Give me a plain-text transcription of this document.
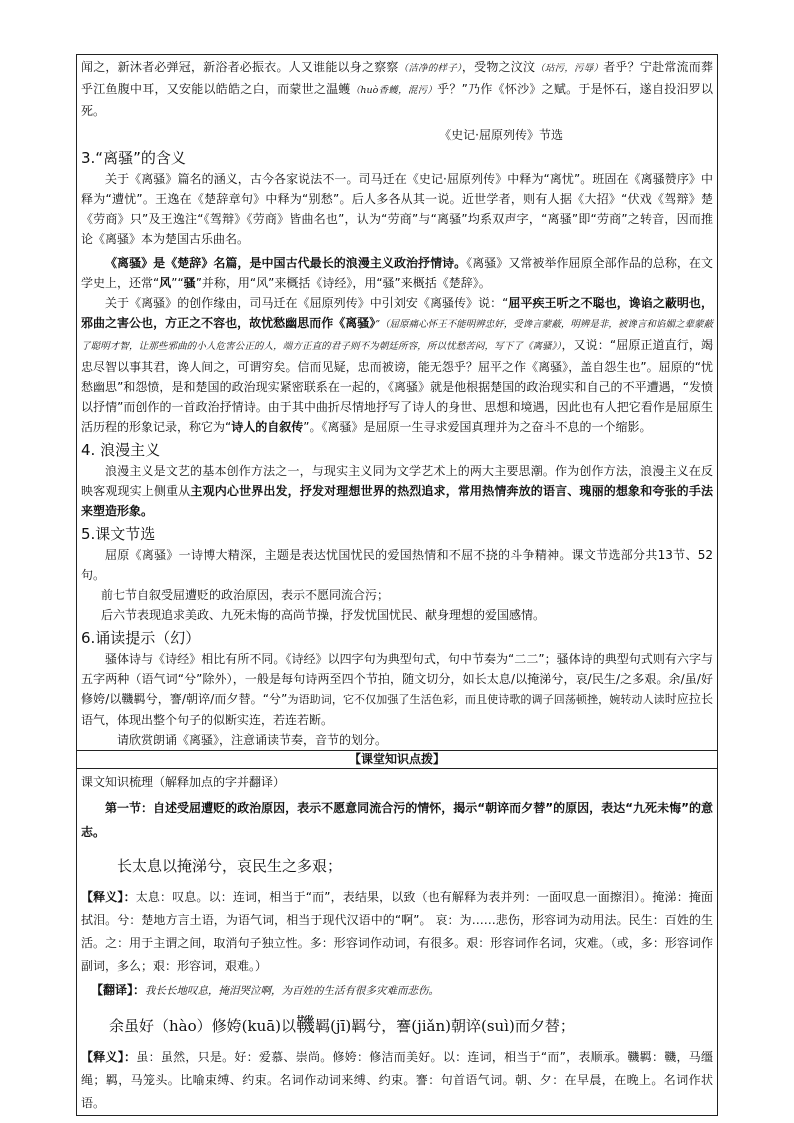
闻之，新沐者必弹冠，新浴者必振衣。人又谁能以身之察察（洁净的样子），受物之汶汶（玷污，污辱）者乎？宁赴常流而葬乎江鱼腹中耳，又安能以皓皓之白，而蒙世之温蠖（huò香蠖，混污）乎？”乃作《怀沙》之赋。于是怀石，遂自投汨罗以死。

《史记·屈原列传》节选

3.“离骚”的含义

关于《离骚》篇名的涵义，古今各家说法不一。司马迁在《史记·屈原列传》中释为“离忧”。班固在《离骚赞序》中释为“遭忧”。王逸在《楚辞章句》中释为“别愁”。后人多各从其一说。近世学者，则有人据《大招》“伏戏《驾辩》楚《劳商》只”及王逸注“《驾辩》《劳商》皆曲名也”，认为“劳商”与“离骚”均系双声字，“离骚”即“劳商”之转音，因而推论《离骚》本为楚国古乐曲名。

《离骚》是《楚辞》名篇，是中国古代最长的浪漫主义政治抒情诗。《离骚》又常被举作屈原全部作品的总称，在文学史上，还常“风”“骚”并称，用“风”来概括《诗经》，用“骚”来概括《楚辞》。

关于《离骚》的创作缘由，司马迁在《屈原列传》中引刘安《离骚传》说：“屈平疾王听之不聪也，谗谄之蔽明也，邪曲之害公也，方正之不容也，故忧愁幽思而作《离骚》”（屈原痛心怀王不能明辨忠奸，受谗言蒙蔽，明辨是非，被谗言和谄媚之辈蒙蔽了聪明才智，让那些邪曲的小人危害公正的人，端方正直的君子则不为朝廷所容，所以忧愁苦闷，写下了《离骚》），又说：“屈原正道直行，竭忠尽智以事其君，谗人间之，可谓穷矣。信而见疑，忠而被谤，能无怨乎？屈平之作《离骚》，盖自怨生也”。屈原的“忧愁幽思”和怨愤，是和楚国的政治现实紧密联系在一起的，《离骚》就是他根据楚国的政治现实和自己的不平遭遇，“发愤以抒情”而创作的一首政治抒情诗。由于其中曲折尽情地抒写了诗人的身世、思想和境遇，因此也有人把它看作是屈原生活历程的形象记录，称它为“诗人的自叙传”。《离骚》是屈原一生寻求爱国真理并为之奋斗不息的一个缩影。

4. 浪漫主义

浪漫主义是文艺的基本创作方法之一，与现实主义同为文学艺术上的两大主要思潮。作为创作方法，浪漫主义在反映客观现实上侧重从主观内心世界出发，抒发对理想世界的热烈追求，常用热情奔放的语言、瑰丽的想象和夸张的手法来塑造形象。

5.课文节选

屈原《离骚》一诗博大精深，主题是表达忧国忧民的爱国热情和不屈不挠的斗争精神。课文节选部分共13节、52句。

前七节自叙受屈遭贬的政治原因，表示不愿同流合污；

后六节表现追求美政、九死未悔的高尚节操，抒发忧国忧民、献身理想的爱国感情。

6.诵读提示（幻）

骚体诗与《诗经》相比有所不同。《诗经》以四字句为典型句式，句中节奏为“二二”；骚体诗的典型句式则有六字与五字两种（语气词“兮”除外），一般是每句诗两至四个节拍，随文切分，如长太息/以掩涕兮，哀/民生/之多艰。余/虽/好修姱/以鞿羁兮，謇/朝谇/而夕替。“兮”为语助词，它不仅加强了生活色彩，而且使诗歌的调子回荡顿挫，婉转动人读时应拉长语气，体现出整个句子的似断实连，若连若断。

请欣赏朗诵《离骚》，注意诵读节奏，音节的划分。

【课堂知识点拨】

课文知识梳理（解释加点的字并翻译）

第一节：自述受屈遭贬的政治原因，表示不愿意同流合污的情怀，揭示“朝谇而夕替”的原因，表达“九死未悔”的意志。

长太息以掩涕兮，哀民生之多艰；

【释义】：太息：叹息。以：连词，相当于“而”，表结果，以致（也有解释为表并列：一面叹息一面擦泪）。掩涕：掩面拭泪。兮：楚地方言土语，为语气词，相当于现代汉语中的“啊”。 哀：为……悲伤，形容词为动用法。民生：百姓的生活。之：用于主谓之间，取消句子独立性。多：形容词作动词，有很多。艰：形容词作名词，灾难。（或，多：形容词作副词，多么；艰：形容词，艰难。）

【翻译】：我长长地叹息，掩泪哭泣啊，为百姓的生活有很多灾难而悲伤。

余虽好（hào）修姱(kuā)以鞿羁(jī)羁兮，謇(jiǎn)朝谇(suì)而夕替；

【释义】：虽：虽然，只是。好：爱慕、崇尚。修姱：修洁而美好。以：连词，相当于“而”，表顺承。鞿羁：鞿，马缰绳；羁，马笼头。比喻束缚、约束。名词作动词来缚、约束。謇：句首语气词。朝、夕：在早晨，在晚上。名词作状语。
